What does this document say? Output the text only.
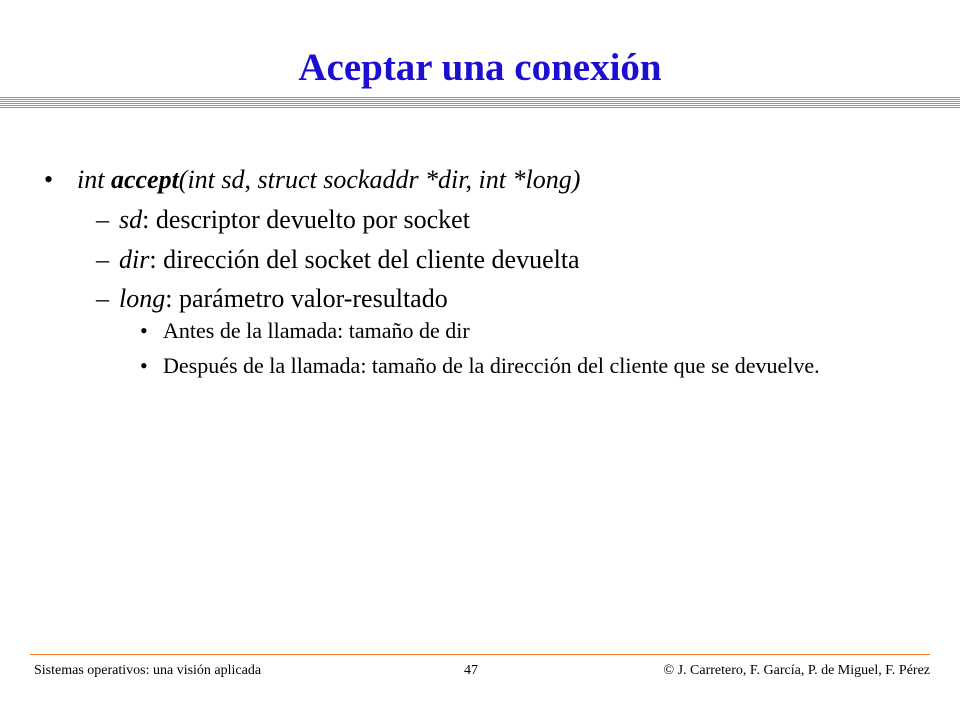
Aceptar una conexión
• int accept(int sd, struct sockaddr *dir, int *long)
– sd: descriptor devuelto por socket
– dir: dirección del socket del cliente devuelta
– long: parámetro valor-resultado
• Antes de la llamada: tamaño de dir
• Después de la llamada: tamaño de la dirección del cliente que se devuelve.
Sistemas operativos: una visión aplicada	47	© J. Carretero, F. García, P. de Miguel, F. Pérez
